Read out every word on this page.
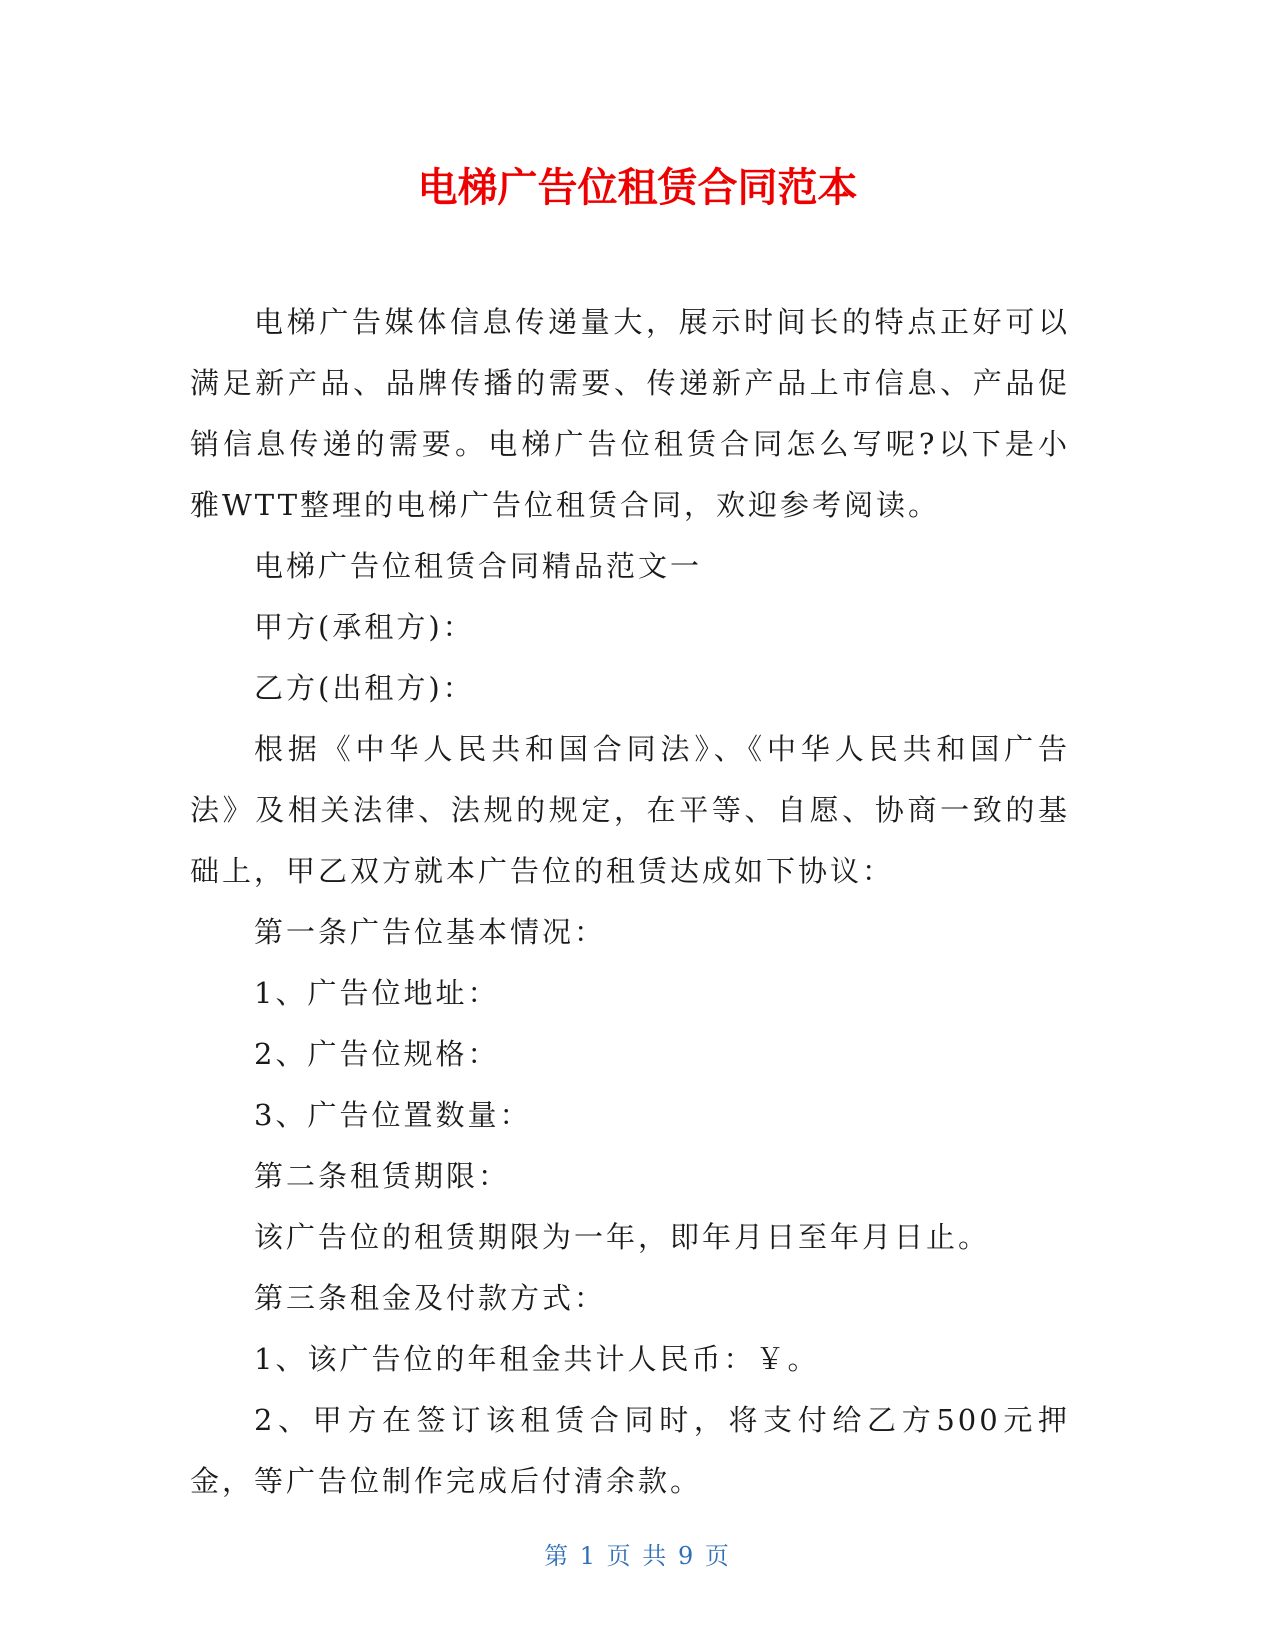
电梯广告位租赁合同范本

电梯广告媒体信息传递量大，展示时间长的特点正好可以满足新产品、品牌传播的需要、传递新产品上市信息、产品促销信息传递的需要。电梯广告位租赁合同怎么写呢?以下是小雅WTT整理的电梯广告位租赁合同，欢迎参考阅读。

电梯广告位租赁合同精品范文一

甲方(承租方)：

乙方(出租方)：

根据《中华人民共和国合同法》、《中华人民共和国广告法》及相关法律、法规的规定，在平等、自愿、协商一致的基础上，甲乙双方就本广告位的租赁达成如下协议：

第一条广告位基本情况：

1、广告位地址：

2、广告位规格：

3、广告位置数量：

第二条租赁期限：

该广告位的租赁期限为一年，即年月日至年月日止。

第三条租金及付款方式：

1、该广告位的年租金共计人民币：￥。

2、甲方在签订该租赁合同时，将支付给乙方500元押金，等广告位制作完成后付清余款。

第 1 页 共 9 页
